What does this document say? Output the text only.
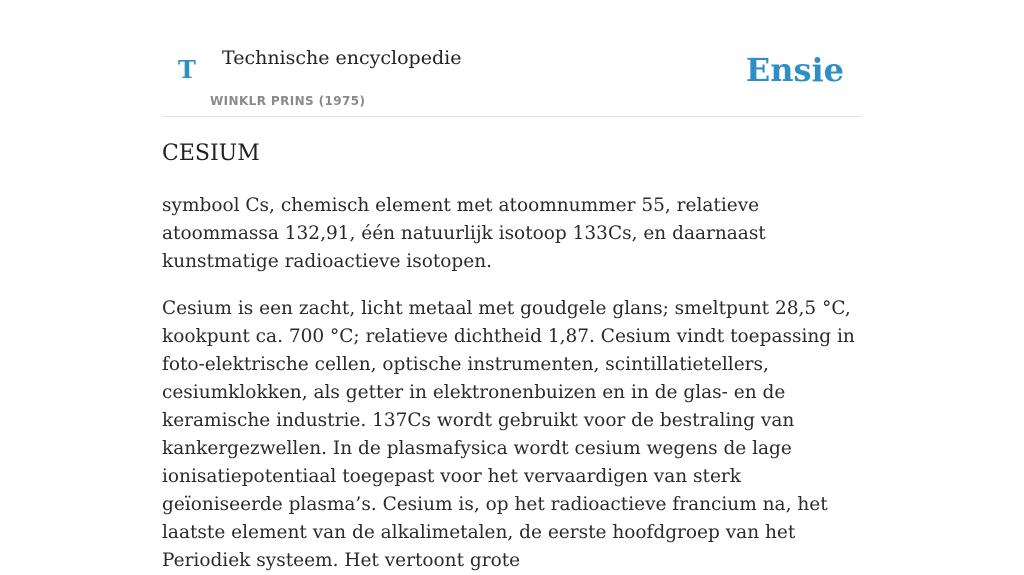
T Technische encyclopedie
WINKLR PRINS (1975)
Ensie
CESIUM

symbool Cs, chemisch element met atoomnummer 55, relatieve atoommassa 132,91, één natuurlijk isotoop 133Cs, en daarnaast kunstmatige radioactieve isotopen.

Cesium is een zacht, licht metaal met goudgele glans; smeltpunt 28,5 °C, kookpunt ca. 700 °C; relatieve dichtheid 1,87. Cesium vindt toepassing in foto-elektrische cellen, optische instrumenten, scintillatietellers, cesiumklokken, als getter in elektronenbuizen en in de glas- en de keramische industrie. 137Cs wordt gebruikt voor de bestraling van kankergezwellen. In de plasmafysica wordt cesium wegens de lage ionisatiepotentiaal toegepast voor het vervaardigen van sterk geïoniseerde plasma’s. Cesium is, op het radioactieve francium na, het laatste element van de alkalimetalen, de eerste hoofdgroep van het Periodiek systeem. Het vertoont grote
